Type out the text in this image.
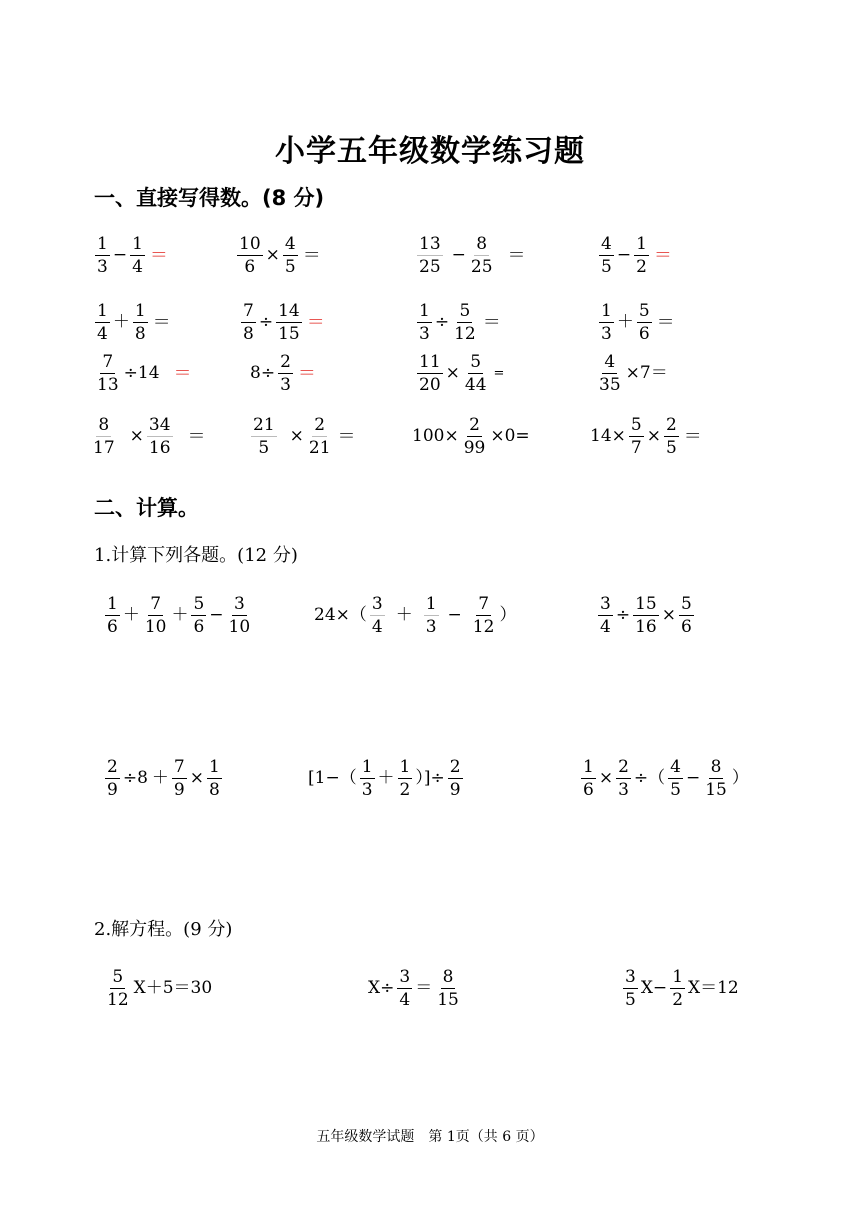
小学五年级数学练习题
一、直接写得数。(8 分)
$\frac{1}{3} - \frac{1}{4}$ ＝	$\frac{10}{6} \times \frac{4}{5}$ ＝	$\frac{13}{25} - \frac{8}{25}$ ＝	$\frac{4}{5} - \frac{1}{2}$ ＝
$\frac{1}{4} + \frac{1}{8}$ ＝	$\frac{7}{8} \div \frac{14}{15}$ ＝	$\frac{1}{3} \div \frac{5}{12}$ ＝	$\frac{1}{3} + \frac{5}{6}$ ＝
$\frac{7}{13} \div 14$ ＝	$8\div \frac{2}{3}$ ＝	$\frac{11}{20} \times \frac{5}{44}$ =	$\frac{4}{35} \times 7=$
$\frac{8}{17} \times \frac{34}{16}$ ＝	$\frac{21}{5} \times \frac{2}{21}$ ＝	$100\times \frac{2}{99} \times 0=$	$14\times \frac{5}{7} \times \frac{2}{5}$ ＝
二、计算。
1.计算下列各题。(12 分)
$\frac{1}{6} + \frac{7}{10} + \frac{5}{6} - \frac{3}{10}$	$24\times( \frac{3}{4} + \frac{1}{3} - \frac{7}{12}$ ）	$\frac{3}{4} \div \frac{15}{16} \times \frac{5}{6}$
$\frac{2}{9} \div 8 + \frac{7}{9} \times \frac{1}{8}$	[$1-( \frac{1}{3} + \frac{1}{2}$ ）]÷ $\frac{2}{9}$	$\frac{1}{6} \times \frac{2}{3}$ ÷（ $\frac{4}{5} - \frac{8}{15}$ ）
2.解方程。(9 分)
$\frac{5}{12} X+5=30$	$X\div \frac{3}{4} = \frac{8}{15}$	$\frac{3}{5} X- \frac{1}{2} X=12$
五年级数学试题　第 1页（共 6 页）
